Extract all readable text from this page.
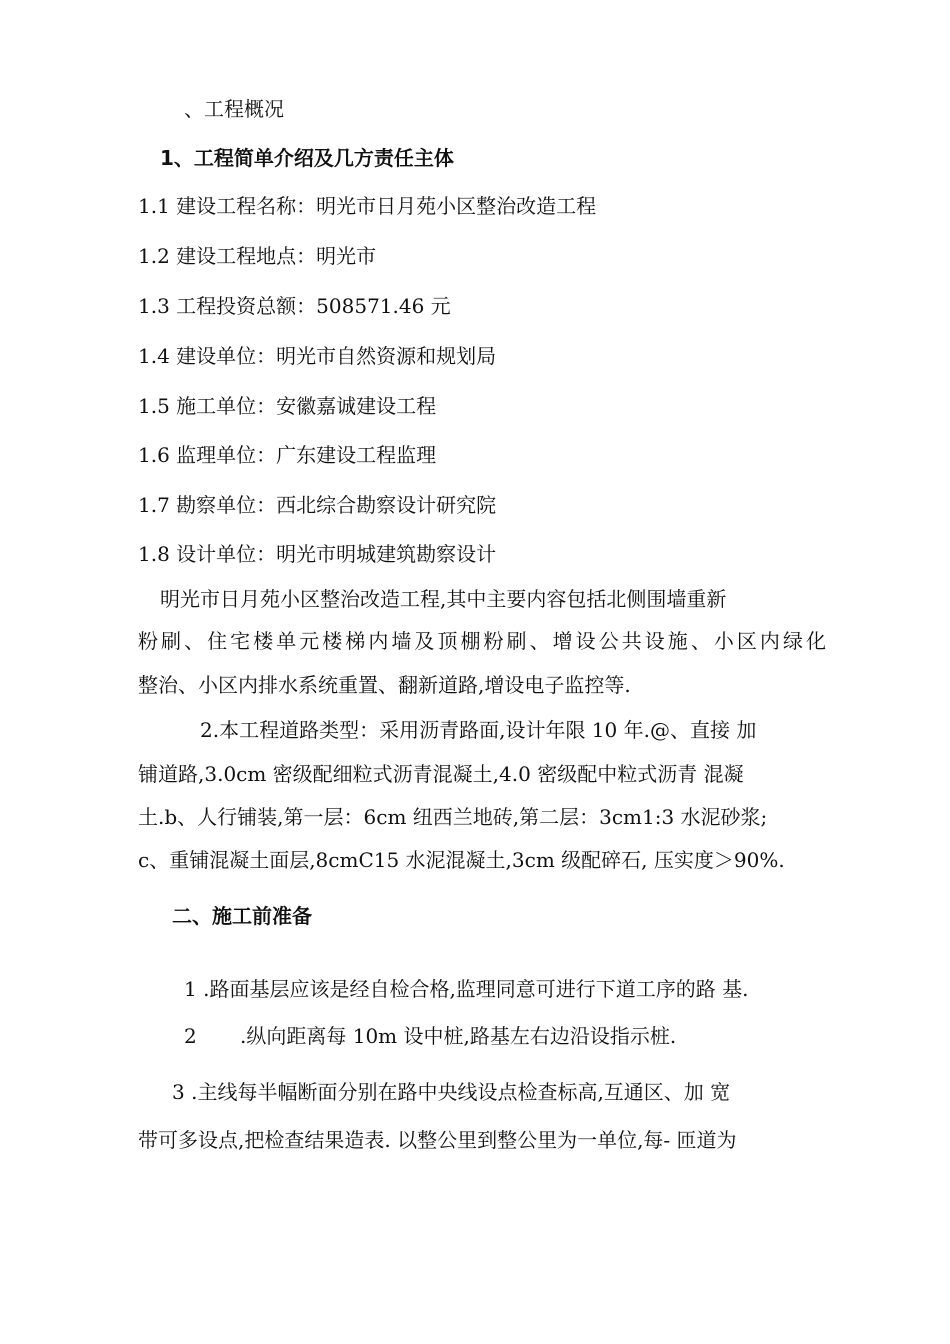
、工程概况
1、工程简单介绍及几方责任主体
1.1 建设工程名称：明光市日月苑小区整治改造工程
1.2 建设工程地点：明光市
1.3 工程投资总额：508571.46 元
1.4 建设单位：明光市自然资源和规划局
1.5 施工单位：安徽嘉诚建设工程
1.6 监理单位：广东建设工程监理
1.7 勘察单位：西北综合勘察设计研究院
1.8 设计单位：明光市明城建筑勘察设计
明光市日月苑小区整治改造工程,其中主要内容包括北侧围墙重新
粉刷、住宅楼单元楼梯内墙及顶棚粉刷、增设公共设施、小区内绿化
整治、小区内排水系统重置、翻新道路,增设电子监控等.
2.本工程道路类型：采用沥青路面,设计年限 10 年.@、直接 加
铺道路,3.0cm 密级配细粒式沥青混凝土,4.0 密级配中粒式沥青 混凝
土.b、人行铺装,第一层：6cm 纽西兰地砖,第二层：3cm1:3 水泥砂浆;
c、重铺混凝土面层,8cmC15 水泥混凝土,3cm 级配碎石, 压实度＞90%.
二、施工前准备
1 .路面基层应该是经自检合格,监理同意可进行下道工序的路 基.
2 .纵向距离每 10m 设中桩,路基左右边沿设指示桩.
3 .主线每半幅断面分别在路中央线设点检查标高,互通区、加 宽
带可多设点,把检查结果造表. 以整公里到整公里为一单位,每- 匝道为
